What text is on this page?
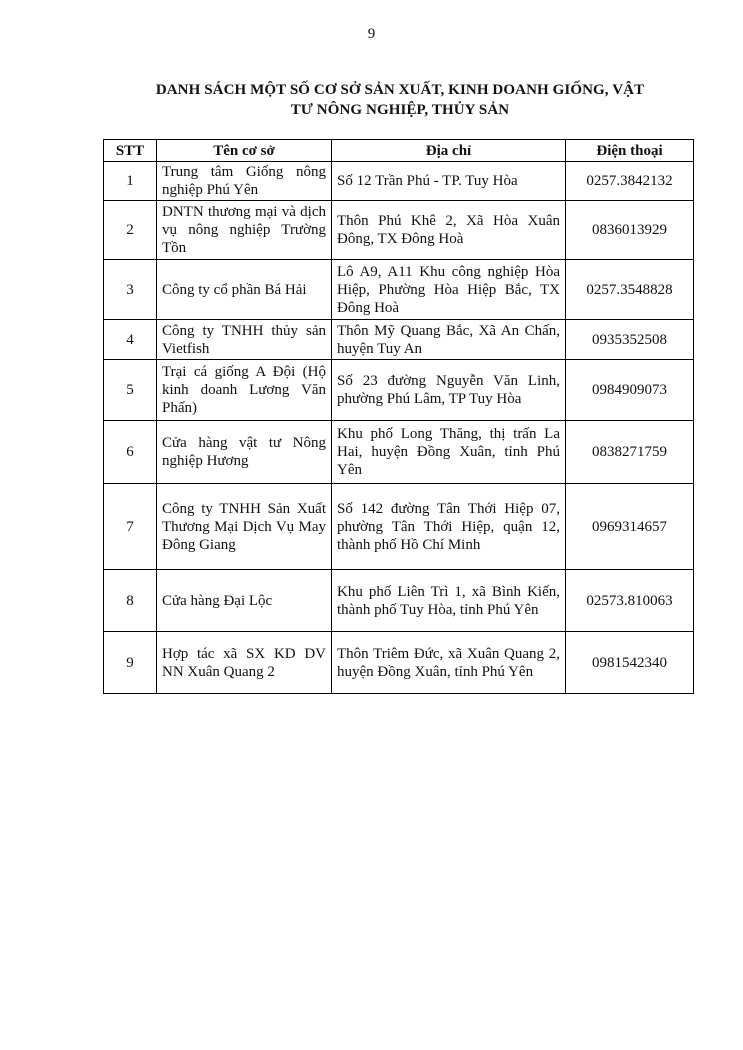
9
DANH SÁCH MỘT SỐ CƠ SỞ SẢN XUẤT, KINH DOANH GIỐNG, VẬT
TƯ NÔNG NGHIỆP, THỦY SẢN
STT	Tên cơ sở	Địa chỉ	Điện thoại
1	Trung tâm Giống nông nghiệp Phú Yên	Số 12 Trần Phú - TP. Tuy Hòa	0257.3842132
2	DNTN thương mại và dịch vụ nông nghiệp Trường Tồn	Thôn Phú Khê 2, Xã Hòa Xuân Đông, TX Đông Hoà	0836013929
3	Công ty cổ phần Bá Hải	Lô A9, A11 Khu công nghiệp Hòa Hiệp, Phường Hòa Hiệp Bắc, TX Đông Hoà	0257.3548828
4	Công ty TNHH thủy sản Vietfish	Thôn Mỹ Quang Bắc, Xã An Chấn, huyện Tuy An	0935352508
5	Trại cá giống A Đội (Hộ kinh doanh Lương Văn Phấn)	Số 23 đường Nguyễn Văn Linh, phường Phú Lâm, TP Tuy Hòa	0984909073
6	Cửa hàng vật tư Nông nghiệp Hương	Khu phố Long Thăng, thị trấn La Hai, huyện Đồng Xuân, tỉnh Phú Yên	0838271759
7	Công ty TNHH Sản Xuất Thương Mại Dịch Vụ May Đông Giang	Số 142 đường Tân Thới Hiệp 07, phường Tân Thới Hiệp, quận 12, thành phố Hồ Chí Minh	0969314657
8	Cửa hàng Đại Lộc	Khu phố Liên Trì 1, xã Bình Kiến, thành phố Tuy Hòa, tỉnh Phú Yên	02573.810063
9	Hợp tác xã SX KD DV NN Xuân Quang 2	Thôn Triêm Đức, xã Xuân Quang 2, huyện Đồng Xuân, tỉnh Phú Yên	0981542340
